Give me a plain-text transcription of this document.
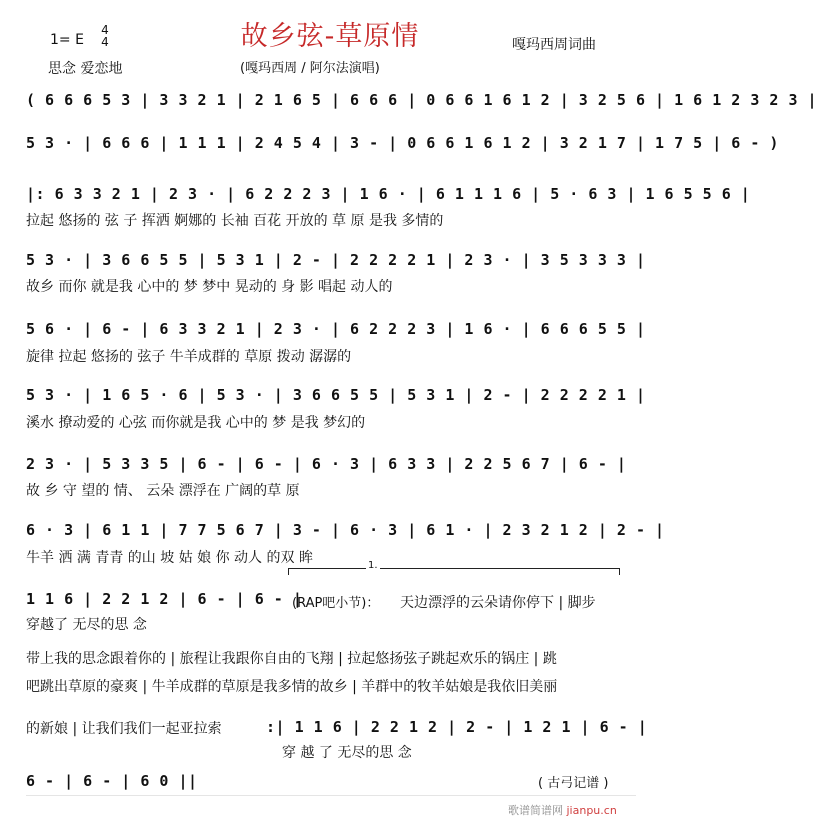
故乡弦-草原情
1= E
4
4
思念 爱恋地	(嘎玛西周 / 阿尔法演唱)
嘎玛西周词曲
( 6 6 6 5 3 | 3 3 2 1 | 2 1 6 5 | 6 6 6 | 0 6 6 1 6 1 2 | 3 2 5 6 | 1 6 1 2 3 2 3 |
5 3 · | 6 6 6 | 1 1 1 | 2 4 5 4 | 3 - | 0 6 6 1 6 1 2 | 3 2 1 7 | 1 7 5 | 6 - )
|: 6 3 3 2 1 | 2 3 · | 6 2 2 2 3 | 1 6 · | 6 1 1 1 6 | 5 · 6 3 | 1 6 5 5 6 |
拉起 悠扬的 弦 子 挥洒 婀娜的 长袖 百花 开放的 草 原 是我 多情的
5 3 · | 3 6 6 5 5 | 5 3 1 | 2 - | 2 2 2 2 1 | 2 3 · | 3 5 3 3 3 |
故乡 而你 就是我 心中的 梦 梦中 晃动的 身 影 唱起 动人的
5 6 · | 6 - | 6 3 3 2 1 | 2 3 · | 6 2 2 2 3 | 1 6 · | 6 6 6 5 5 |
旋律 拉起 悠扬的 弦子 牛羊成群的 草原 拨动 潺潺的
5 3 · | 1 6 5 · 6 | 5 3 · | 3 6 6 5 5 | 5 3 1 | 2 - | 2 2 2 2 1 |
溪水 撩动爱的 心弦 而你就是我 心中的 梦 是我 梦幻的
2 3 · | 5 3 3 5 | 6 - | 6 - | 6 · 3 | 6 3 3 | 2 2 5 6 7 | 6 - |
故 乡 守 望的 情、 云朵 漂浮在 广阔的草 原
6 · 3 | 6 1 1 | 7 7 5 6 7 | 3 - | 6 · 3 | 6 1 · | 2 3 2 1 2 | 2 - |
牛羊 洒 满 青青 的山 坡 姑 娘 你 动人 的双 眸	1.
1 1 6 | 2 2 1 2 | 6 - | 6 - |
(RAP吧小节)： 天边漂浮的云朵请你停下 | 脚步
穿越了 无尽的思 念
带上我的思念跟着你的 | 旅程让我跟你自由的飞翔 | 拉起悠扬弦子跳起欢乐的锅庄 | 跳
吧跳出草原的豪爽 | 牛羊成群的草原是我多情的故乡 | 羊群中的牧羊姑娘是我依旧美丽
的新娘 | 让我们我们一起亚拉索	:| 1 1 6 | 2 2 1 2 | 2 - | 1 2 1 | 6 - |
穿 越 了 无尽的思 念
6 - | 6 - | 6 0 ||	( 古弓记谱 )
歌谱简谱网 jianpu.cn
